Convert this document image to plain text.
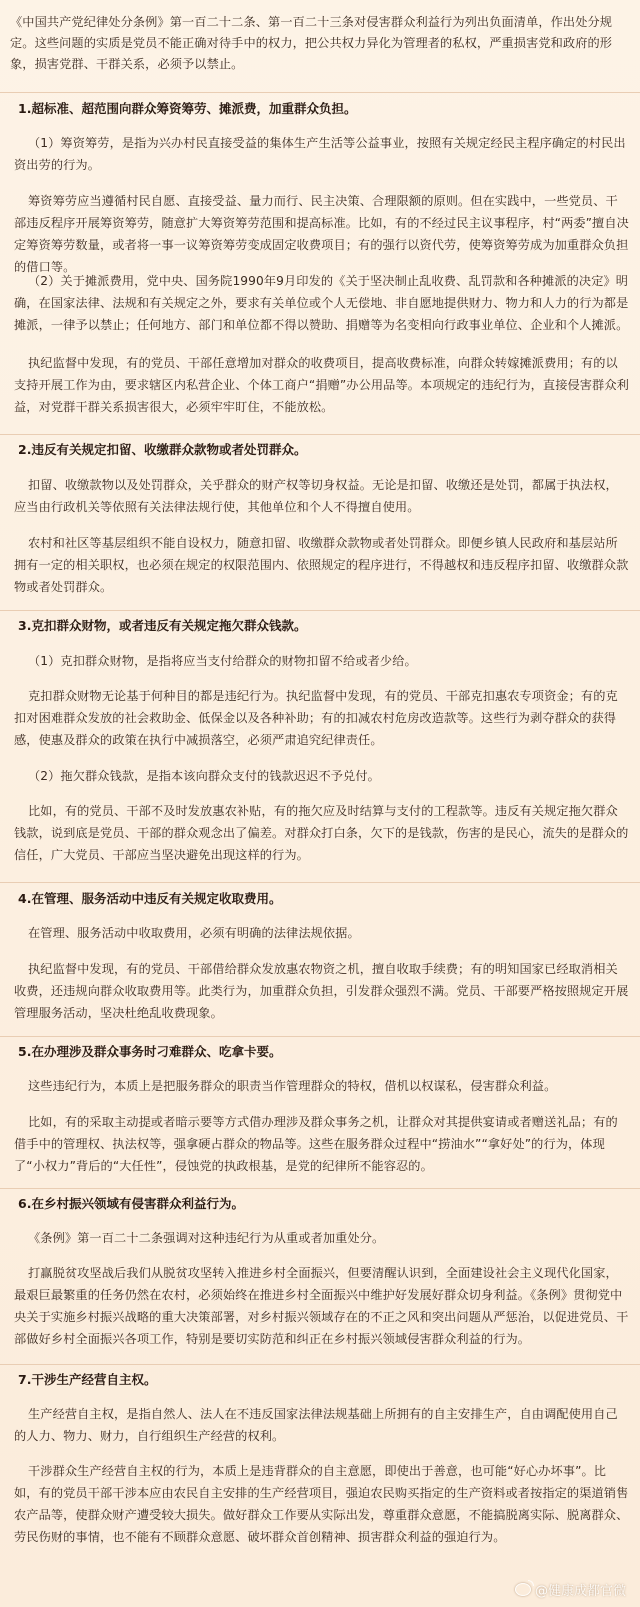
《中国共产党纪律处分条例》第一百二十二条、第一百二十三条对侵害群众利益行为列出负面清单，作出处分规定。这些问题的实质是党员不能正确对待手中的权力，把公共权力异化为管理者的私权，严重损害党和政府的形象，损害党群、干群关系，必须予以禁止。
1.超标准、超范围向群众筹资筹劳、摊派费，加重群众负担。
（1）筹资筹劳，是指为兴办村民直接受益的集体生产生活等公益事业，按照有关规定经民主程序确定的村民出资出劳的行为。
筹资筹劳应当遵循村民自愿、直接受益、量力而行、民主决策、合理限额的原则。但在实践中，一些党员、干部违反程序开展筹资筹劳，随意扩大筹资筹劳范围和提高标准。比如，有的不经过民主议事程序，村“两委”擅自决定筹资筹劳数量，或者将一事一议筹资筹劳变成固定收费项目；有的强行以资代劳，使筹资筹劳成为加重群众负担的借口等。
（2）关于摊派费用，党中央、国务院1990年9月印发的《关于坚决制止乱收费、乱罚款和各种摊派的决定》明确，在国家法律、法规和有关规定之外，要求有关单位或个人无偿地、非自愿地提供财力、物力和人力的行为都是摊派，一律予以禁止；任何地方、部门和单位都不得以赞助、捐赠等为名变相向行政事业单位、企业和个人摊派。
执纪监督中发现，有的党员、干部任意增加对群众的收费项目，提高收费标准，向群众转嫁摊派费用；有的以支持开展工作为由，要求辖区内私营企业、个体工商户“捐赠”办公用品等。本项规定的违纪行为，直接侵害群众利益，对党群干群关系损害很大，必须牢牢盯住，不能放松。
2.违反有关规定扣留、收缴群众款物或者处罚群众。
扣留、收缴款物以及处罚群众，关乎群众的财产权等切身权益。无论是扣留、收缴还是处罚，都属于执法权，应当由行政机关等依照有关法律法规行使，其他单位和个人不得擅自使用。
农村和社区等基层组织不能自设权力，随意扣留、收缴群众款物或者处罚群众。即便乡镇人民政府和基层站所拥有一定的相关职权，也必须在规定的权限范围内、依照规定的程序进行，不得越权和违反程序扣留、收缴群众款物或者处罚群众。
3.克扣群众财物，或者违反有关规定拖欠群众钱款。
（1）克扣群众财物，是指将应当支付给群众的财物扣留不给或者少给。
克扣群众财物无论基于何种目的都是违纪行为。执纪监督中发现，有的党员、干部克扣惠农专项资金；有的克扣对困难群众发放的社会救助金、低保金以及各种补助；有的扣减农村危房改造款等。这些行为剥夺群众的获得感，使惠及群众的政策在执行中减损落空，必须严肃追究纪律责任。
（2）拖欠群众钱款，是指本该向群众支付的钱款迟迟不予兑付。
比如，有的党员、干部不及时发放惠农补贴，有的拖欠应及时结算与支付的工程款等。违反有关规定拖欠群众钱款，说到底是党员、干部的群众观念出了偏差。对群众打白条，欠下的是钱款，伤害的是民心，流失的是群众的信任，广大党员、干部应当坚决避免出现这样的行为。
4.在管理、服务活动中违反有关规定收取费用。
在管理、服务活动中收取费用，必须有明确的法律法规依据。
执纪监督中发现，有的党员、干部借给群众发放惠农物资之机，擅自收取手续费；有的明知国家已经取消相关收费，还违规向群众收取费用等。此类行为，加重群众负担，引发群众强烈不满。党员、干部要严格按照规定开展管理服务活动，坚决杜绝乱收费现象。
5.在办理涉及群众事务时刁难群众、吃拿卡要。
这些违纪行为，本质上是把服务群众的职责当作管理群众的特权，借机以权谋私，侵害群众利益。
比如，有的采取主动提或者暗示要等方式借办理涉及群众事务之机，让群众对其提供宴请或者赠送礼品；有的借手中的管理权、执法权等，强拿硬占群众的物品等。这些在服务群众过程中“捞油水”“拿好处”的行为，体现了“小权力”背后的“大任性”，侵蚀党的执政根基，是党的纪律所不能容忍的。
6.在乡村振兴领域有侵害群众利益行为。
《条例》第一百二十二条强调对这种违纪行为从重或者加重处分。
打赢脱贫攻坚战后我们从脱贫攻坚转入推进乡村全面振兴，但要清醒认识到，全面建设社会主义现代化国家，最艰巨最繁重的任务仍然在农村，必须始终在推进乡村全面振兴中维护好发展好群众切身利益。《条例》贯彻党中央关于实施乡村振兴战略的重大决策部署，对乡村振兴领域存在的不正之风和突出问题从严惩治，以促进党员、干部做好乡村全面振兴各项工作，特别是要切实防范和纠正在乡村振兴领域侵害群众利益的行为。
7.干涉生产经营自主权。
生产经营自主权，是指自然人、法人在不违反国家法律法规基础上所拥有的自主安排生产，自由调配使用自己的人力、物力、财力，自行组织生产经营的权利。
干涉群众生产经营自主权的行为，本质上是违背群众的自主意愿，即使出于善意，也可能“好心办坏事”。比如，有的党员干部干涉本应由农民自主安排的生产经营项目，强迫农民购买指定的生产资料或者按指定的渠道销售农产品等，使群众财产遭受较大损失。做好群众工作要从实际出发，尊重群众意愿，不能搞脱离实际、脱离群众、劳民伤财的事情，也不能有不顾群众意愿、破坏群众首创精神、损害群众利益的强迫行为。
@健康成都官微
